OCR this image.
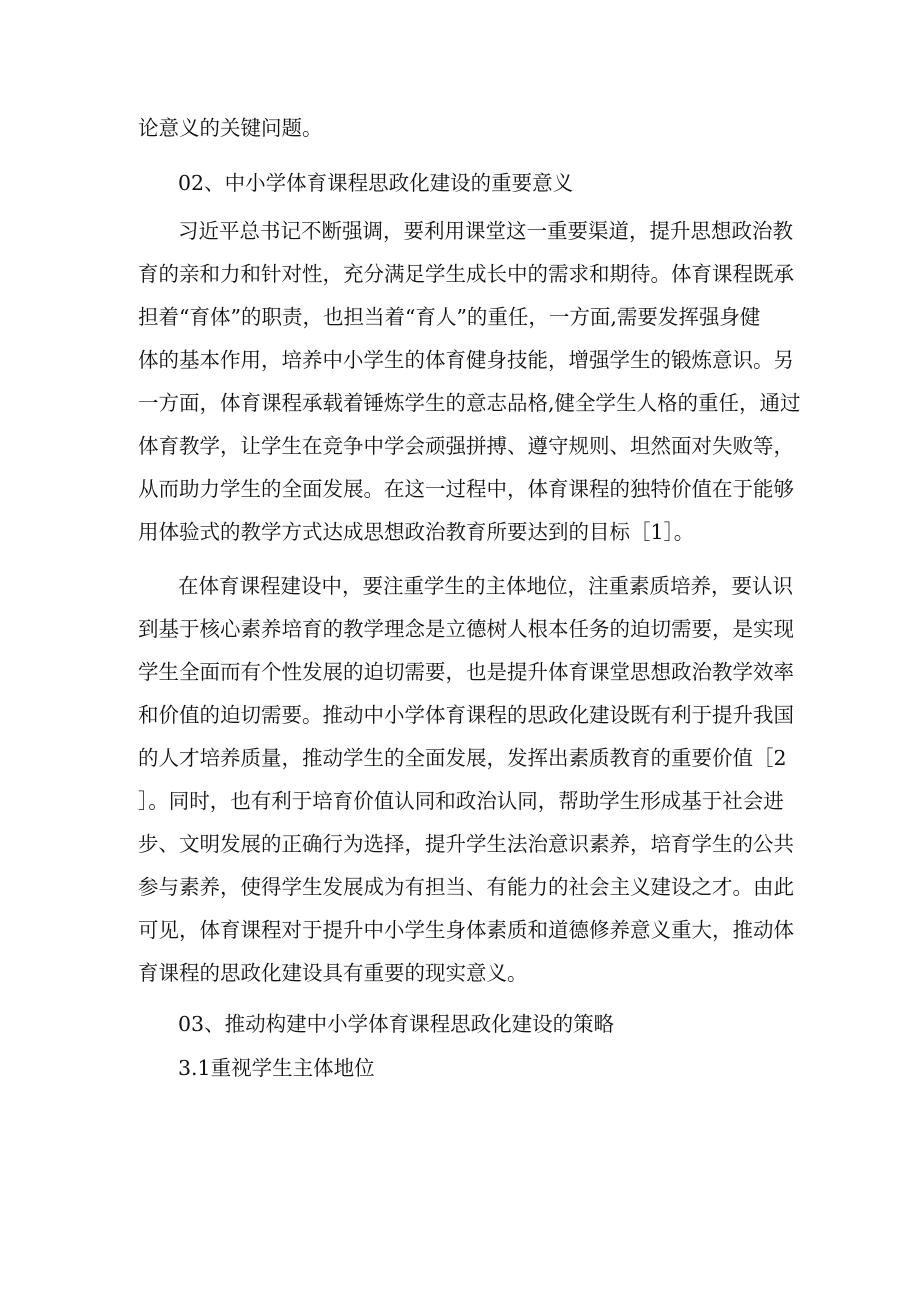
论意义的关键问题。
02、中小学体育课程思政化建设的重要意义
习近平总书记不断强调，要利用课堂这一重要渠道，提升思想政治教
育的亲和力和针对性，充分满足学生成长中的需求和期待。体育课程既承
担着“育体”的职责，也担当着“育人”的重任，一方面,需要发挥强身健
体的基本作用，培养中小学生的体育健身技能，增强学生的锻炼意识。另
一方面，体育课程承载着锤炼学生的意志品格,健全学生人格的重任，通过
体育教学，让学生在竞争中学会顽强拼搏、遵守规则、坦然面对失败等，
从而助力学生的全面发展。在这一过程中，体育课程的独特价值在于能够
用体验式的教学方式达成思想政治教育所要达到的目标［1］。
在体育课程建设中，要注重学生的主体地位，注重素质培养，要认识
到基于核心素养培育的教学理念是立德树人根本任务的迫切需要，是实现
学生全面而有个性发展的迫切需要，也是提升体育课堂思想政治教学效率
和价值的迫切需要。推动中小学体育课程的思政化建设既有利于提升我国
的人才培养质量，推动学生的全面发展，发挥出素质教育的重要价值［2
］。同时，也有利于培育价值认同和政治认同，帮助学生形成基于社会进
步、文明发展的正确行为选择，提升学生法治意识素养，培育学生的公共
参与素养，使得学生发展成为有担当、有能力的社会主义建设之才。由此
可见，体育课程对于提升中小学生身体素质和道德修养意义重大，推动体
育课程的思政化建设具有重要的现实意义。
03、推动构建中小学体育课程思政化建设的策略
3.1重视学生主体地位
